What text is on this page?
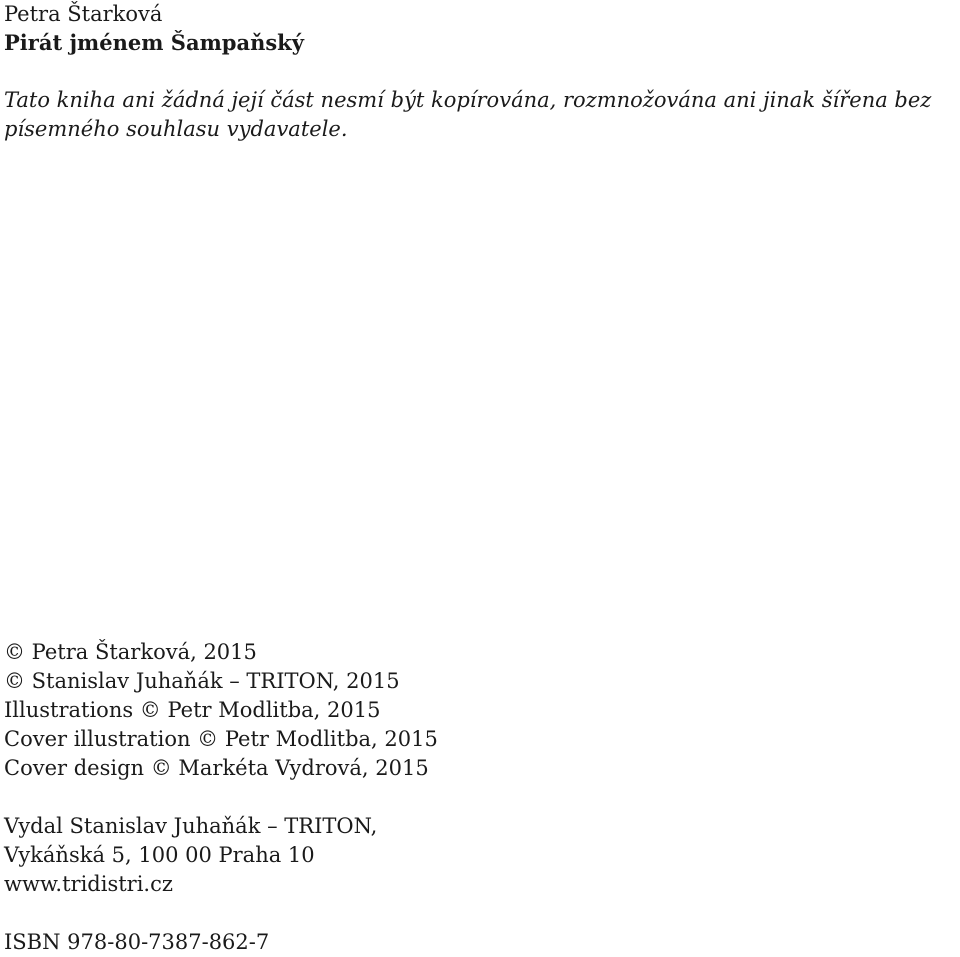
Petra Štarková

Pirát jménem Šampaňský

Tato kniha ani žádná její část nesmí být kopírována, rozmnožována ani jinak šířena bez písemného souhlasu vydavatele.

© Petra Štarková, 2015
© Stanislav Juhaňák – TRITON, 2015
Illustrations © Petr Modlitba, 2015
Cover illustration © Petr Modlitba, 2015
Cover design © Markéta Vydrová, 2015
Vydal Stanislav Juhaňák – TRITON,
Vykáňská 5, 100 00 Praha 10
www.tridistri.cz

ISBN 978-80-7387-862-7
